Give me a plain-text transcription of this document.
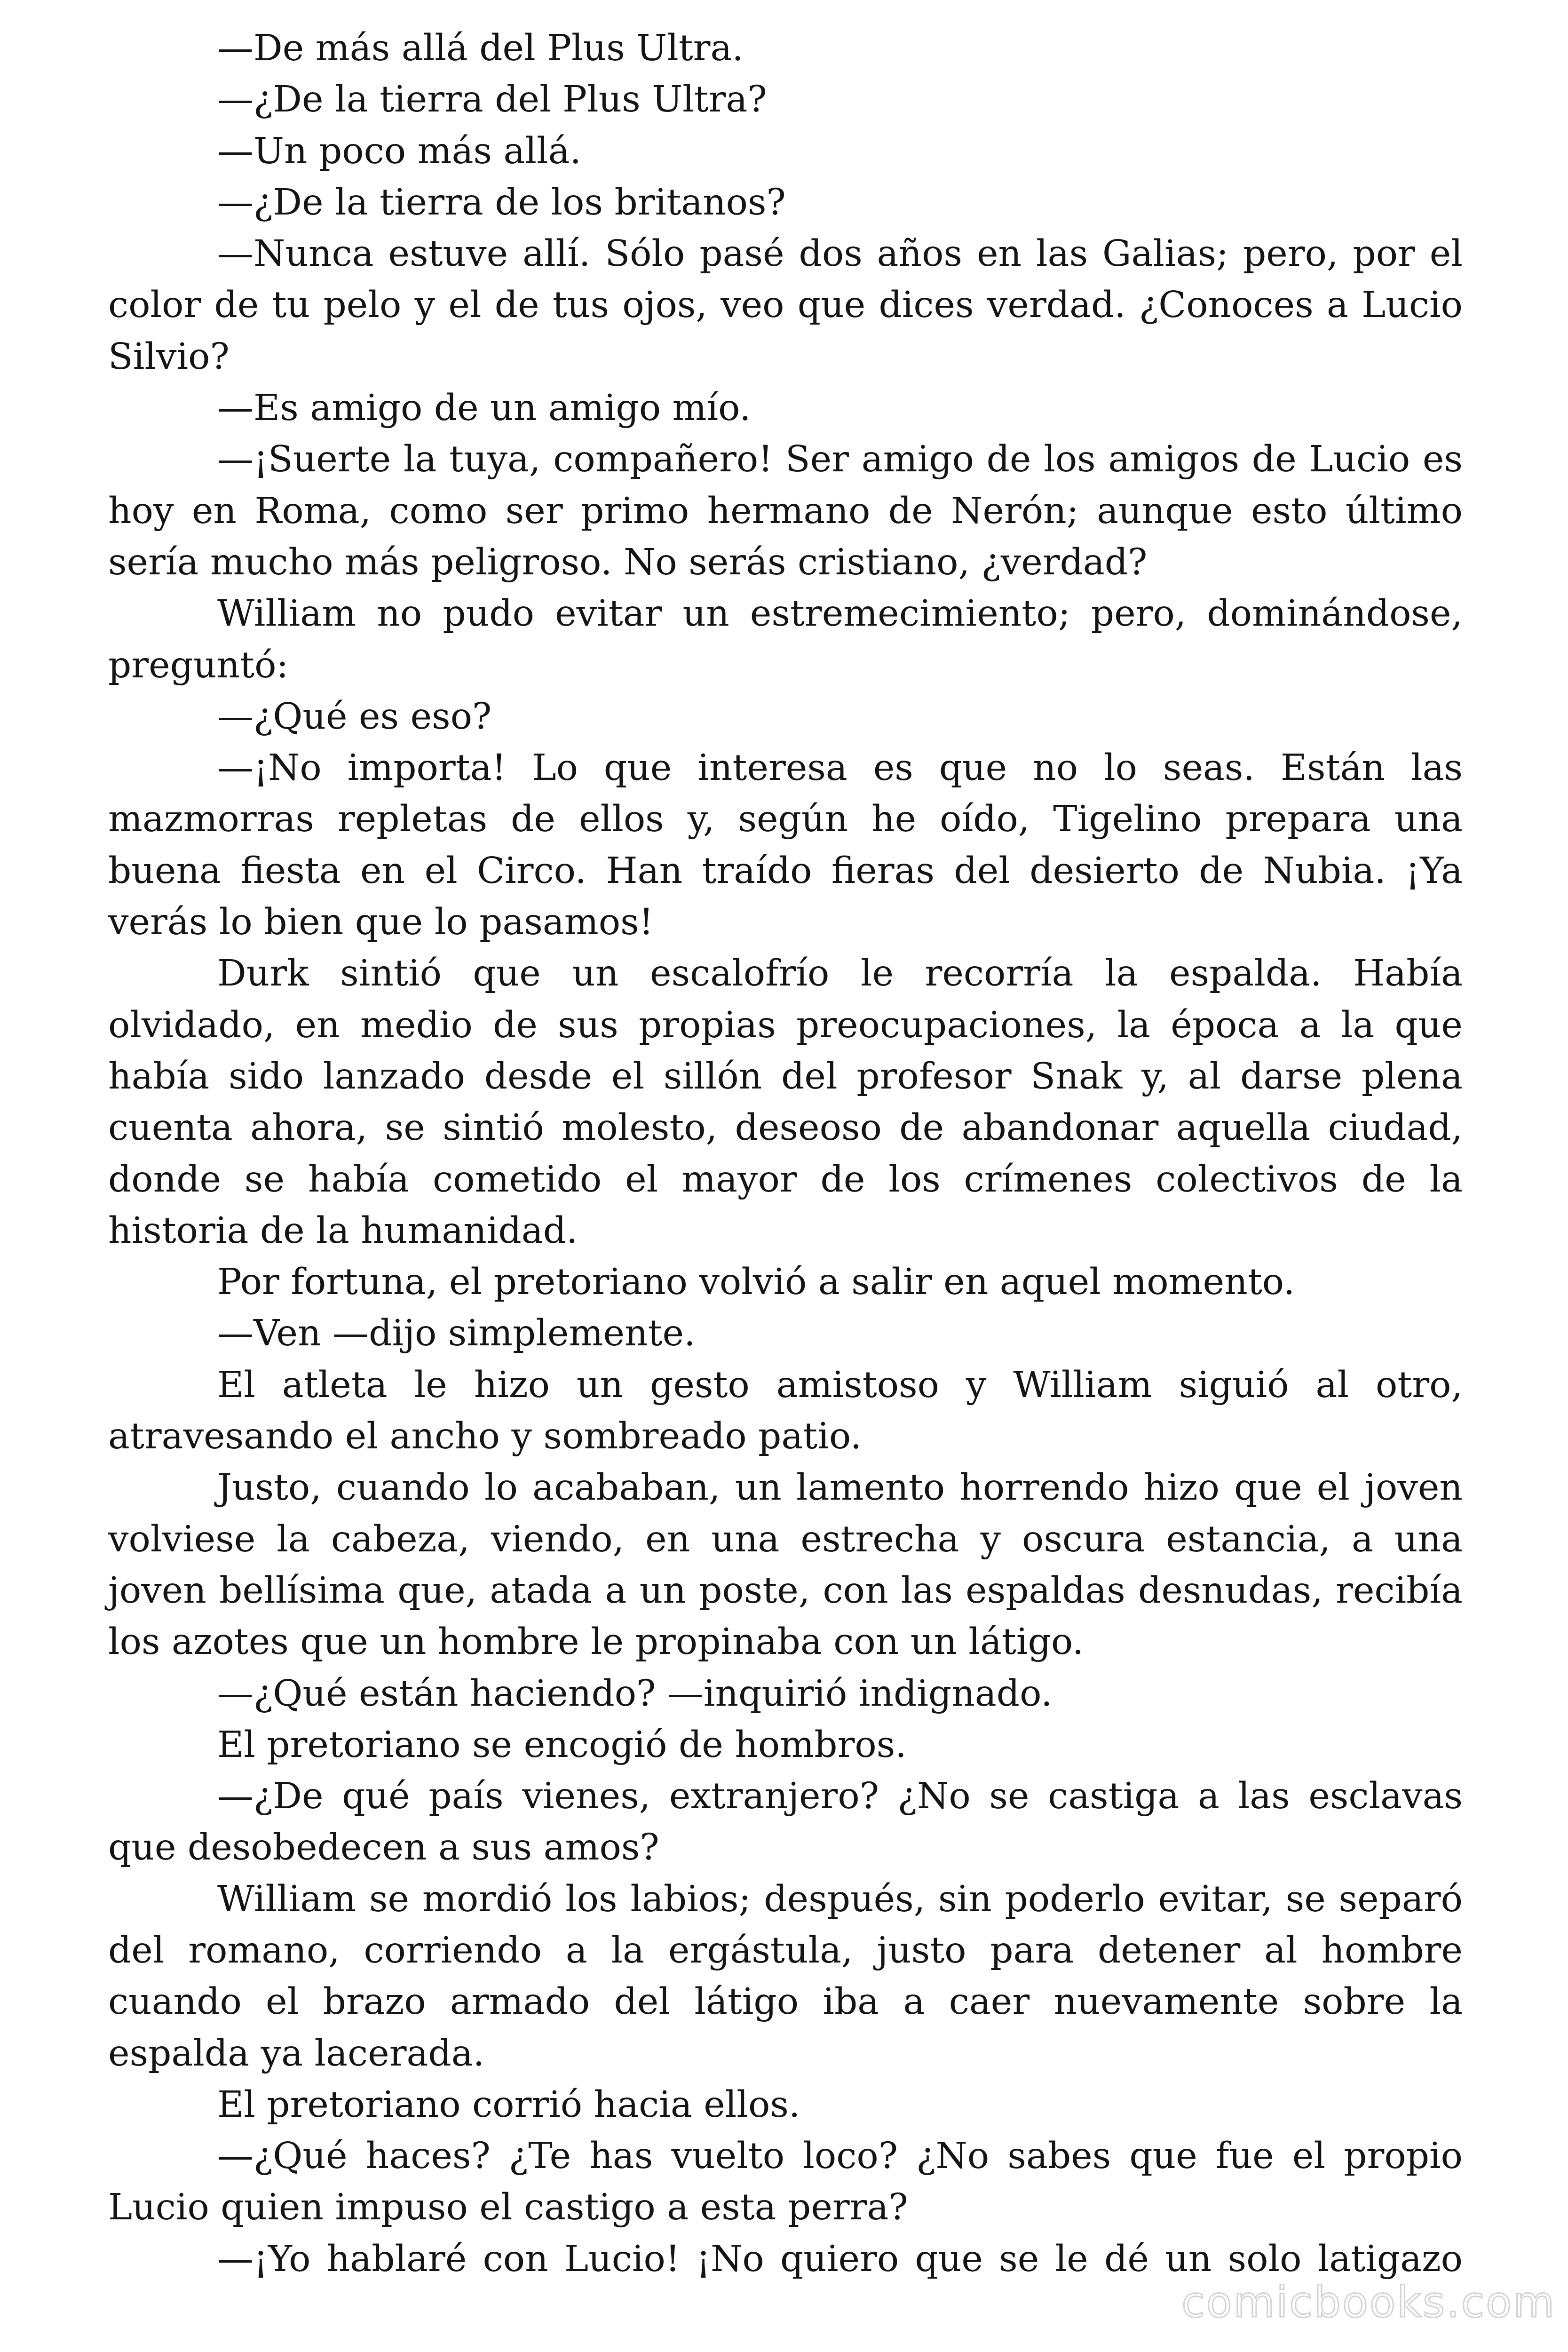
—De más allá del Plus Ultra.

—¿De la tierra del Plus Ultra?

—Un poco más allá.

—¿De la tierra de los britanos?

—Nunca estuve allí. Sólo pasé dos años en las Galias; pero, por el color de tu pelo y el de tus ojos, veo que dices verdad. ¿Conoces a Lucio Silvio?

—Es amigo de un amigo mío.

—¡Suerte la tuya, compañero! Ser amigo de los amigos de Lucio es hoy en Roma, como ser primo hermano de Nerón; aunque esto último sería mucho más peligroso. No serás cristiano, ¿verdad?

William no pudo evitar un estremecimiento; pero, dominándose, preguntó:

—¿Qué es eso?

—¡No importa! Lo que interesa es que no lo seas. Están las mazmorras repletas de ellos y, según he oído, Tigelino prepara una buena fiesta en el Circo. Han traído fieras del desierto de Nubia. ¡Ya verás lo bien que lo pasamos!

Durk sintió que un escalofrío le recorría la espalda. Había olvidado, en medio de sus propias preocupaciones, la época a la que había sido lanzado desde el sillón del profesor Snak y, al darse plena cuenta ahora, se sintió molesto, deseoso de abandonar aquella ciudad, donde se había cometido el mayor de los crímenes colectivos de la historia de la humanidad.

Por fortuna, el pretoriano volvió a salir en aquel momento.

—Ven —dijo simplemente.

El atleta le hizo un gesto amistoso y William siguió al otro, atravesando el ancho y sombreado patio.

Justo, cuando lo acababan, un lamento horrendo hizo que el joven volviese la cabeza, viendo, en una estrecha y oscura estancia, a una joven bellísima que, atada a un poste, con las espaldas desnudas, recibía los azotes que un hombre le propinaba con un látigo.

—¿Qué están haciendo? —inquirió indignado.

El pretoriano se encogió de hombros.

—¿De qué país vienes, extranjero? ¿No se castiga a las esclavas que desobedecen a sus amos?

William se mordió los labios; después, sin poderlo evitar, se separó del romano, corriendo a la ergástula, justo para detener al hombre cuando el brazo armado del látigo iba a caer nuevamente sobre la espalda ya lacerada.

El pretoriano corrió hacia ellos.

—¿Qué haces? ¿Te has vuelto loco? ¿No sabes que fue el propio Lucio quien impuso el castigo a esta perra?

—¡Yo hablaré con Lucio! ¡No quiero que se le dé un solo latigazo

comicbooks.com
